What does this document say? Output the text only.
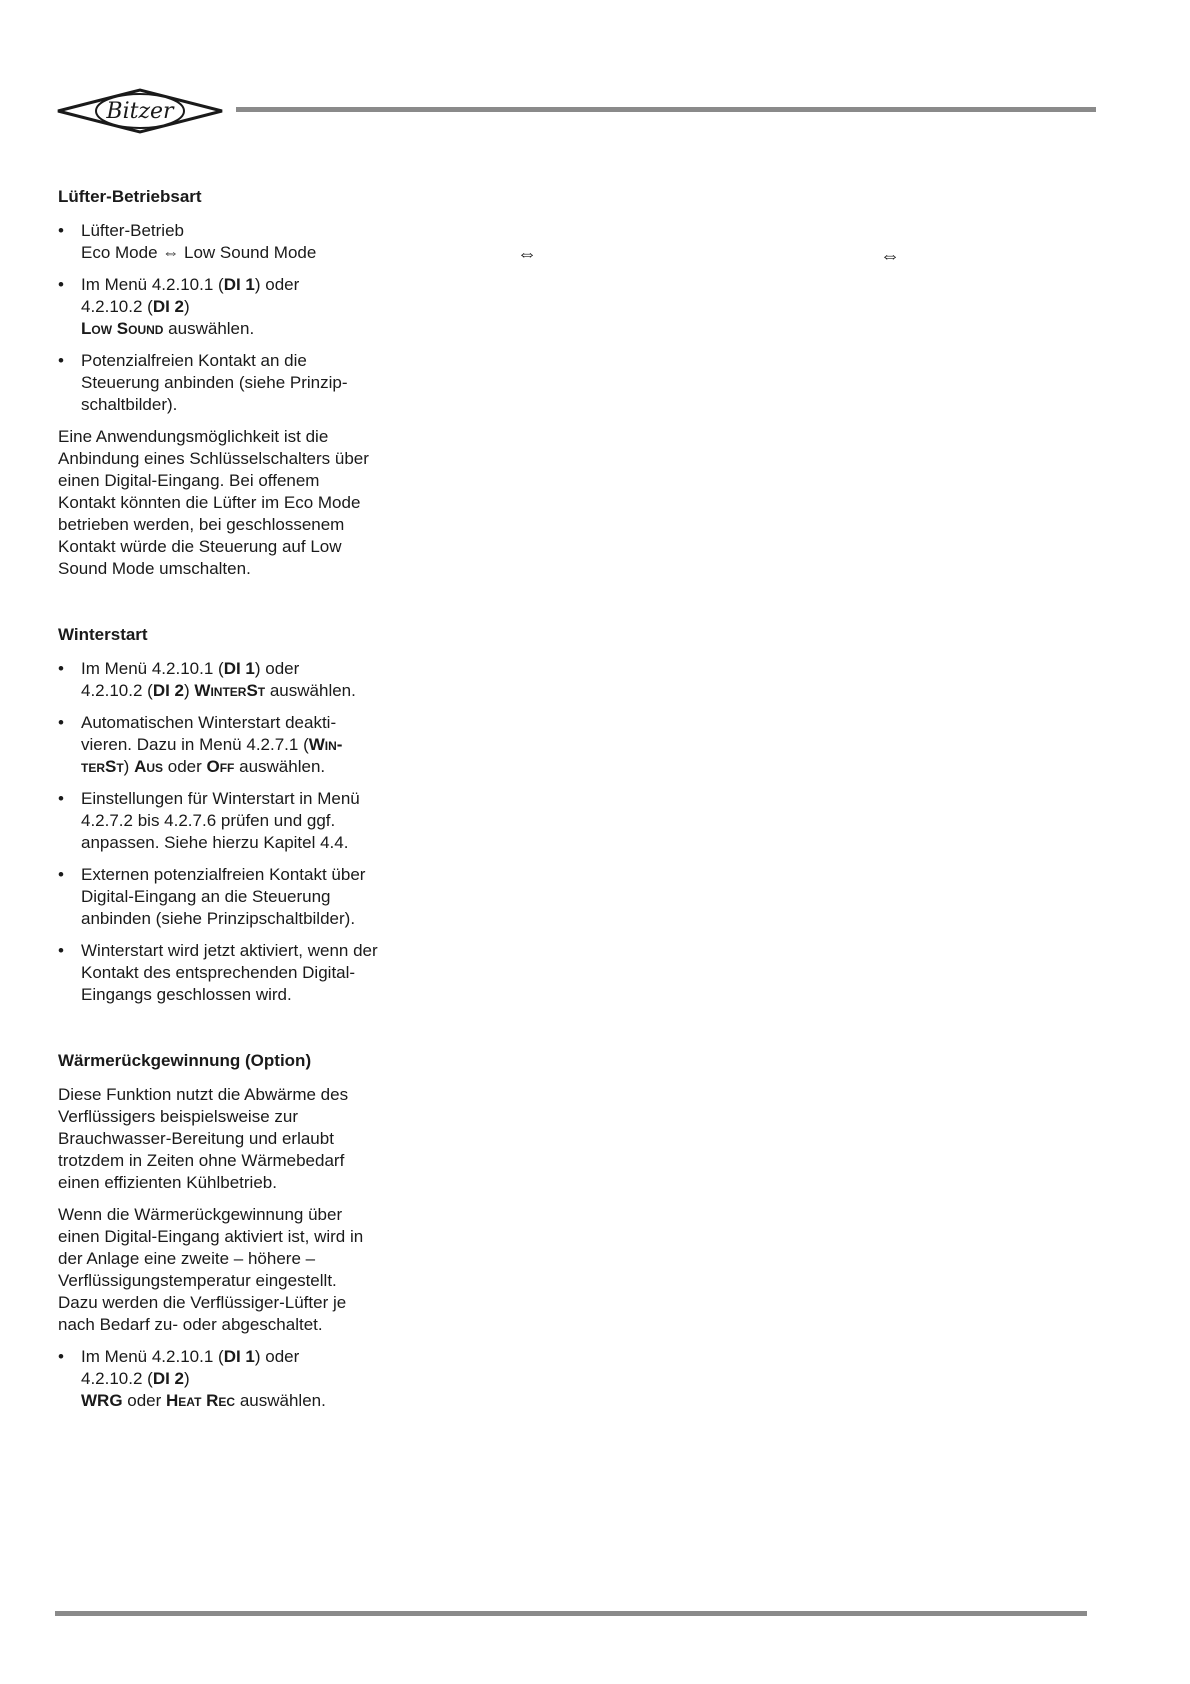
Bitzer
Lüfter-Betriebsart
• Lüfter-Betrieb
Eco Mode ⇔ Low Sound Mode
• Im Menü 4.2.10.1 (DI 1) oder
4.2.10.2 (DI 2)
Low Sound auswählen.
• Potenzialfreien Kontakt an die Steuerung anbinden (siehe Prinzipschaltbilder).

Eine Anwendungsmöglichkeit ist die Anbindung eines Schlüsselschalters über einen Digital-Eingang. Bei offenem Kontakt könnten die Lüfter im Eco Mode betrieben werden, bei geschlossenem Kontakt würde die Steuerung auf Low Sound Mode umschalten.

Winterstart
• Im Menü 4.2.10.1 (DI 1) oder
4.2.10.2 (DI 2) WinterSt auswählen.
• Automatischen Winterstart deaktivieren. Dazu in Menü 4.2.7.1 (WinterSt) Aus oder Off auswählen.
• Einstellungen für Winterstart in Menü 4.2.7.2 bis 4.2.7.6 prüfen und ggf. anpassen. Siehe hierzu Kapitel 4.4.
• Externen potenzialfreien Kontakt über Digital-Eingang an die Steuerung anbinden (siehe Prinzipschaltbilder).
• Winterstart wird jetzt aktiviert, wenn der Kontakt des entsprechenden Digital-Eingangs geschlossen wird.
Wärmerückgewinnung (Option)

Diese Funktion nutzt die Abwärme des Verflüssigers beispielsweise zur Brauchwasser-Bereitung und erlaubt trotzdem in Zeiten ohne Wärmebedarf einen effizienten Kühlbetrieb.

Wenn die Wärmerückgewinnung über einen Digital-Eingang aktiviert ist, wird in der Anlage eine zweite – höhere – Verflüssigungstemperatur eingestellt. Dazu werden die Verflüssiger-Lüfter je nach Bedarf zu- oder abgeschaltet.

• Im Menü 4.2.10.1 (DI 1) oder
4.2.10.2 (DI 2)
WRG oder Heat Rec auswählen.
⇔	⇔
